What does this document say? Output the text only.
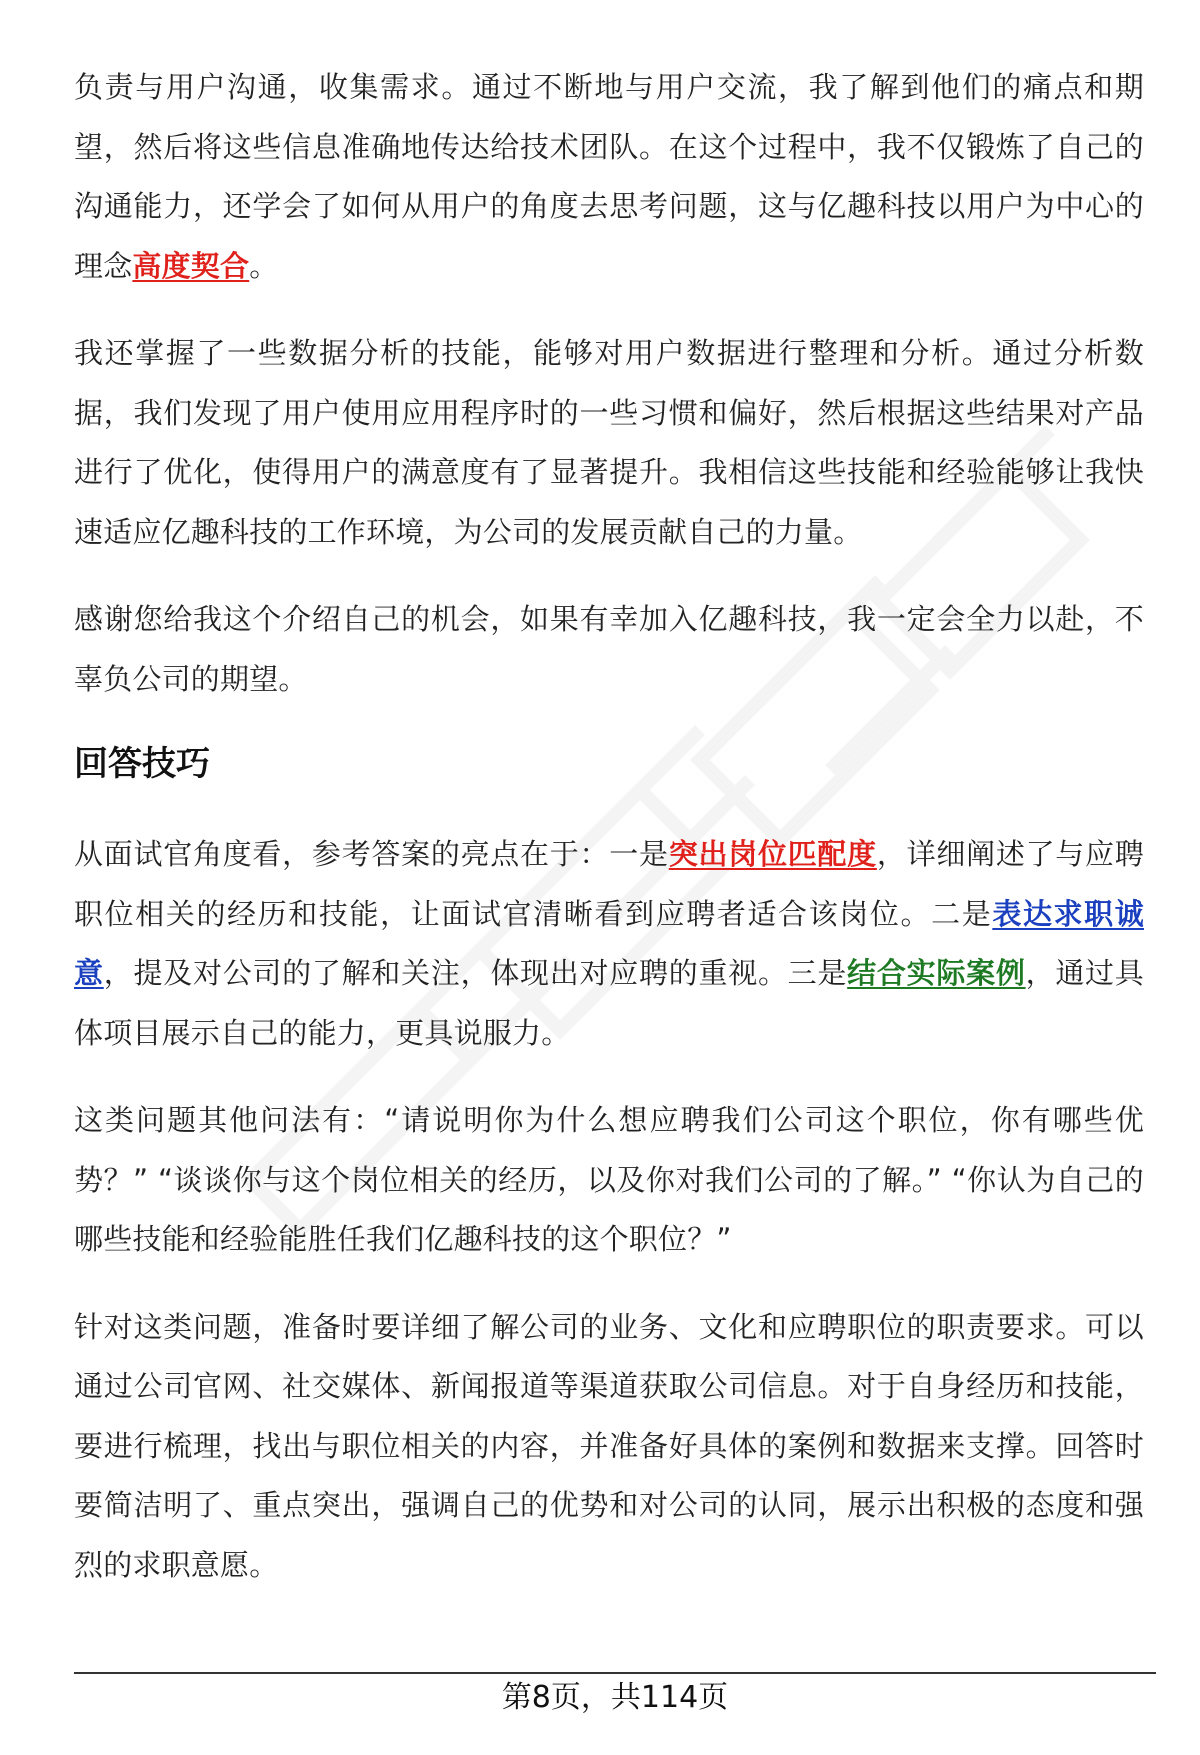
负责与用户沟通，收集需求。通过不断地与用户交流，我了解到他们的痛点和期望，然后将这些信息准确地传达给技术团队。在这个过程中，我不仅锻炼了自己的沟通能力，还学会了如何从用户的角度去思考问题，这与亿趣科技以用户为中心的理念高度契合。

我还掌握了一些数据分析的技能，能够对用户数据进行整理和分析。通过分析数据，我们发现了用户使用应用程序时的一些习惯和偏好，然后根据这些结果对产品进行了优化，使得用户的满意度有了显著提升。我相信这些技能和经验能够让我快速适应亿趣科技的工作环境，为公司的发展贡献自己的力量。

感谢您给我这个介绍自己的机会，如果有幸加入亿趣科技，我一定会全力以赴，不辜负公司的期望。

回答技巧

从面试官角度看，参考答案的亮点在于：一是突出岗位匹配度，详细阐述了与应聘职位相关的经历和技能，让面试官清晰看到应聘者适合该岗位。二是表达求职诚意，提及对公司的了解和关注，体现出对应聘的重视。三是结合实际案例，通过具体项目展示自己的能力，更具说服力。

这类问题其他问法有：“请说明你为什么想应聘我们公司这个职位，你有哪些优势？” “谈谈你与这个岗位相关的经历，以及你对我们公司的了解。” “你认为自己的哪些技能和经验能胜任我们亿趣科技的这个职位？”

针对这类问题，准备时要详细了解公司的业务、文化和应聘职位的职责要求。可以通过公司官网、社交媒体、新闻报道等渠道获取公司信息。对于自身经历和技能，要进行梳理，找出与职位相关的内容，并准备好具体的案例和数据来支撑。回答时要简洁明了、重点突出，强调自己的优势和对公司的认同，展示出积极的态度和强烈的求职意愿。

第8页，共114页
